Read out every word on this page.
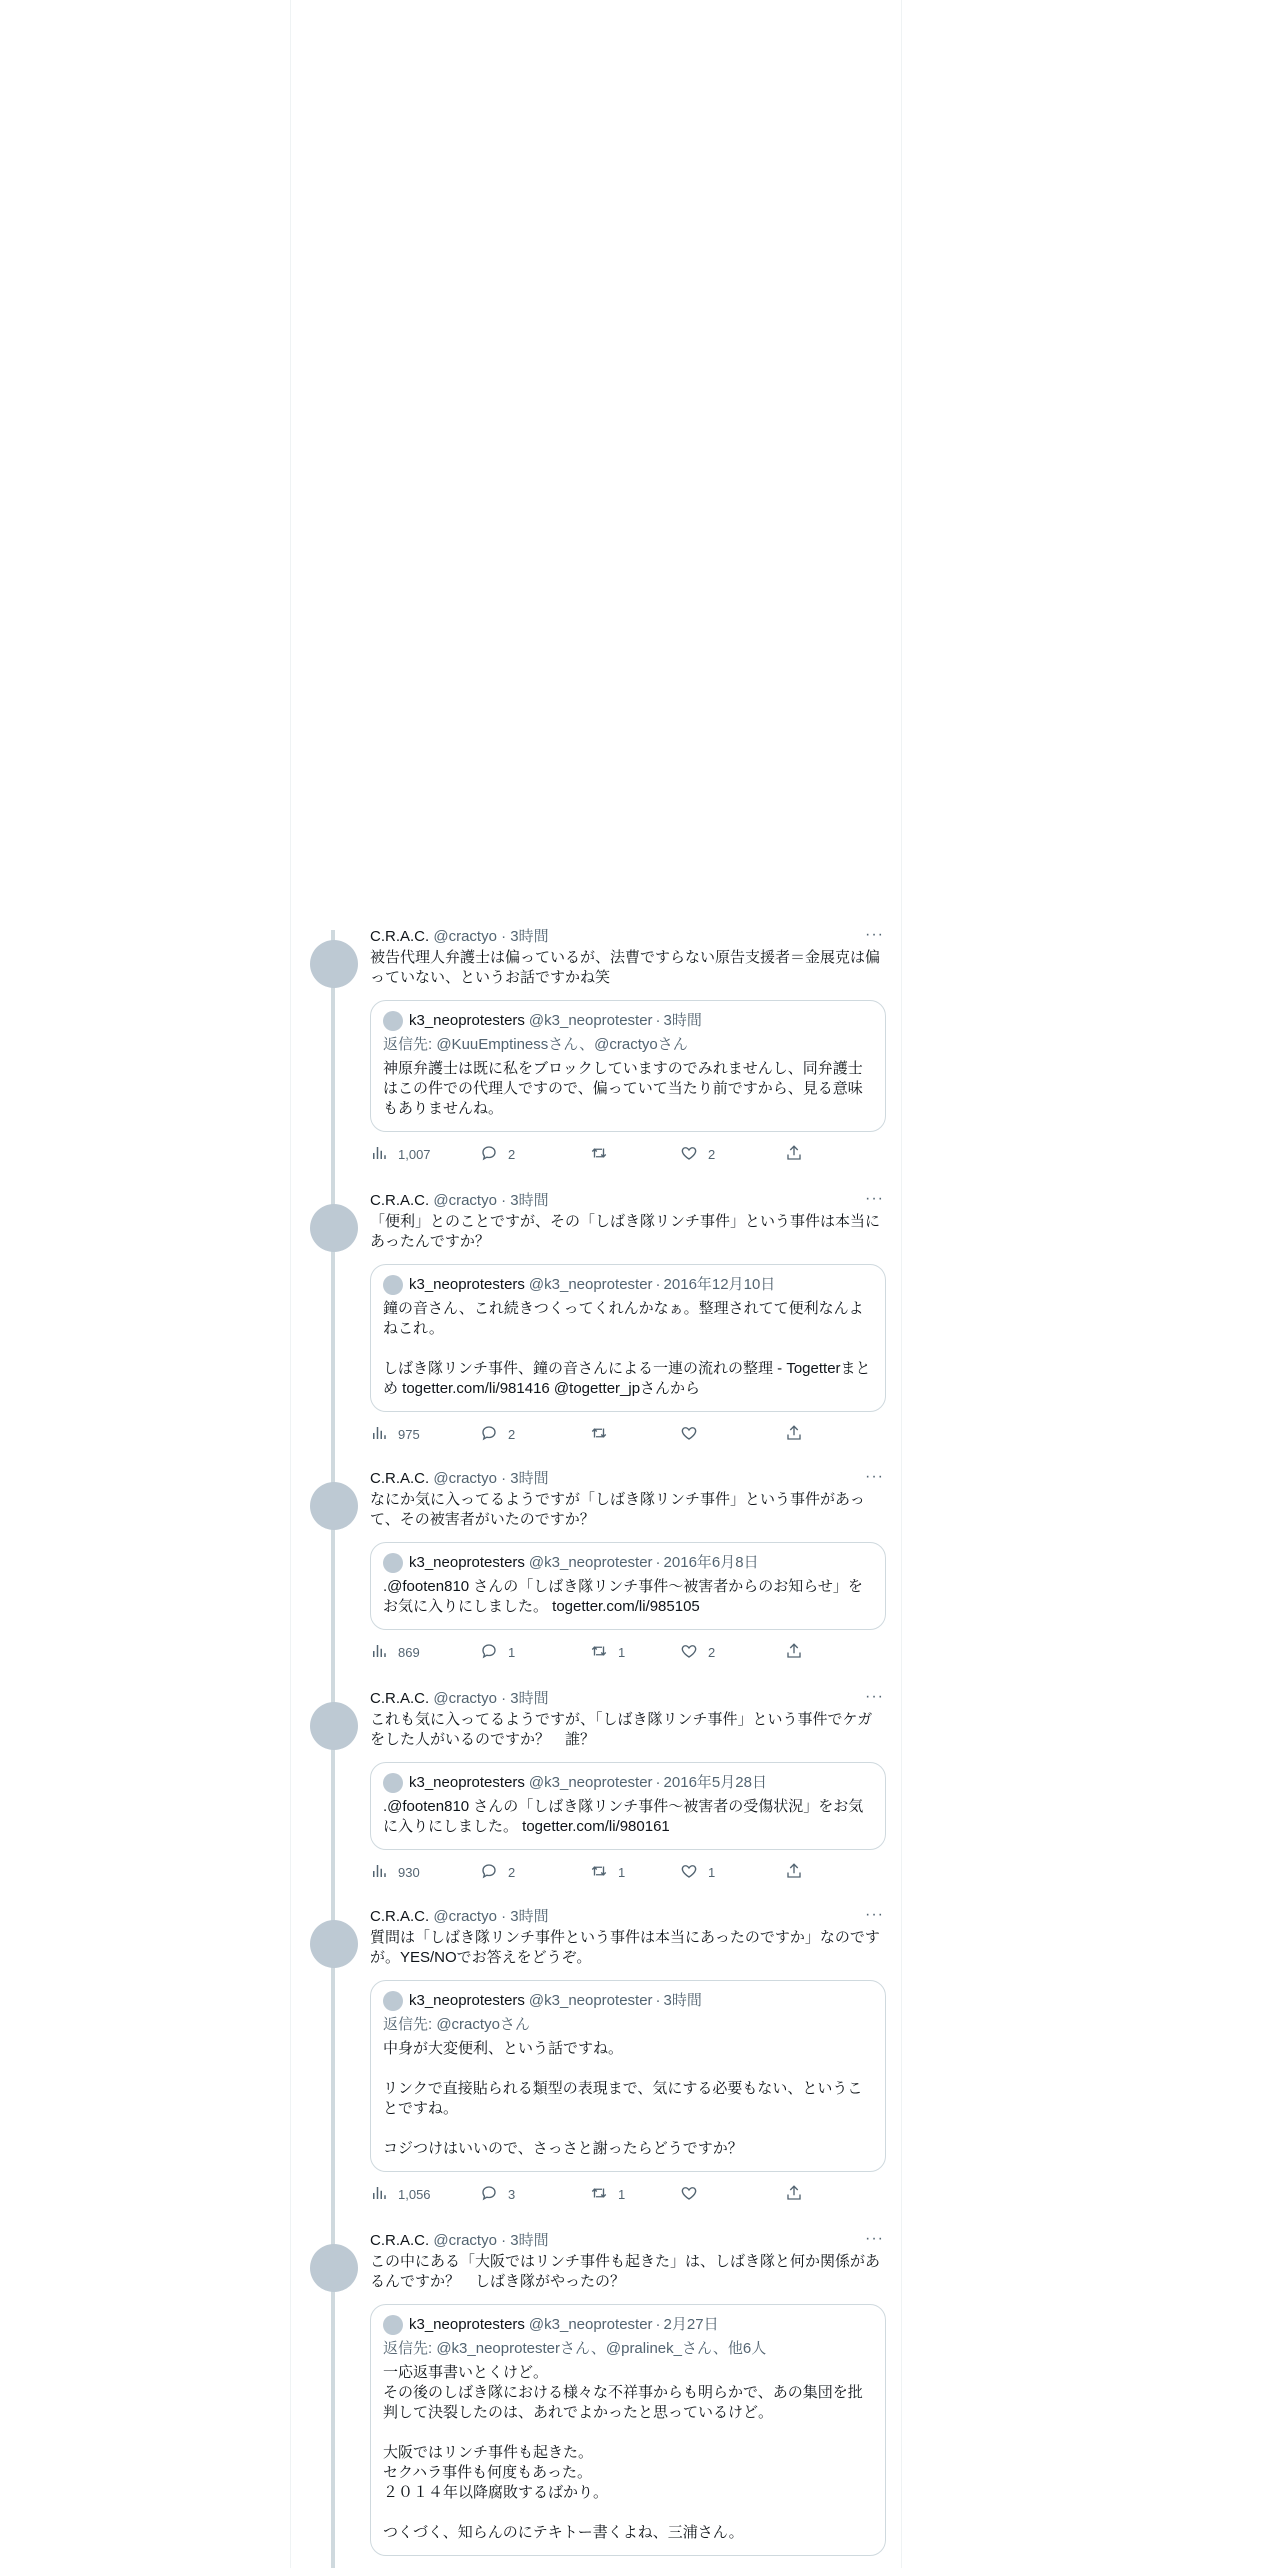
C.R.A.C. @cractyo · 3時間	···
被告代理人弁護士は偏っているが、法曹ですらない原告支援者＝金展克は偏っていない、というお話ですかね笑
k3_neoprotesters @k3_neoprotester · 3時間
返信先: @KuuEmptinessさん、@cractyoさん
神原弁護士は既に私をブロックしていますのでみれませんし、同弁護士はこの件での代理人ですので、偏っていて当たり前ですから、見る意味もありませんね。
1,007	2	2
C.R.A.C. @cractyo · 3時間	···
「便利」とのことですが、その「しばき隊リンチ事件」という事件は本当にあったんですか？
k3_neoprotesters @k3_neoprotester · 2016年12月10日
鐘の音さん、これ続きつくってくれんかなぁ。整理されてて便利なんよねこれ。

しばき隊リンチ事件、鐘の音さんによる一連の流れの整理 - Togetterまとめ togetter.com/li/981416 @togetter_jpさんから
975	2
C.R.A.C. @cractyo · 3時間	···
なにか気に入ってるようですが「しばき隊リンチ事件」という事件があって、その被害者がいたのですか？
k3_neoprotesters @k3_neoprotester · 2016年6月8日
.@footen810 さんの「しばき隊リンチ事件～被害者からのお知らせ」をお気に入りにしました。 togetter.com/li/985105
869	1	1	2
C.R.A.C. @cractyo · 3時間	···
これも気に入ってるようですが、「しばき隊リンチ事件」という事件でケガをした人がいるのですか？　誰？
k3_neoprotesters @k3_neoprotester · 2016年5月28日
.@footen810 さんの「しばき隊リンチ事件～被害者の受傷状況」をお気に入りにしました。 togetter.com/li/980161
930	2	1	1
C.R.A.C. @cractyo · 3時間	···
質問は「しばき隊リンチ事件という事件は本当にあったのですか」なのですが。YES/NOでお答えをどうぞ。
k3_neoprotesters @k3_neoprotester · 3時間
返信先: @cractyoさん
中身が大変便利、という話ですね。

リンクで直接貼られる類型の表現まで、気にする必要もない、ということですね。

コジつけはいいので、さっさと謝ったらどうですか？
1,056	3	1
C.R.A.C. @cractyo · 3時間	···
この中にある「大阪ではリンチ事件も起きた」は、しばき隊と何か関係があるんですか？　しばき隊がやったの？
k3_neoprotesters @k3_neoprotester · 2月27日
返信先: @k3_neoprotesterさん、@pralinek_さん、他6人
一応返事書いとくけど。
その後のしばき隊における様々な不祥事からも明らかで、あの集団を批判して決裂したのは、あれでよかったと思っているけど。

大阪ではリンチ事件も起きた。
セクハラ事件も何度もあった。
２０１４年以降腐敗するばかり。

つくづく、知らんのにテキトー書くよね、三浦さん。
